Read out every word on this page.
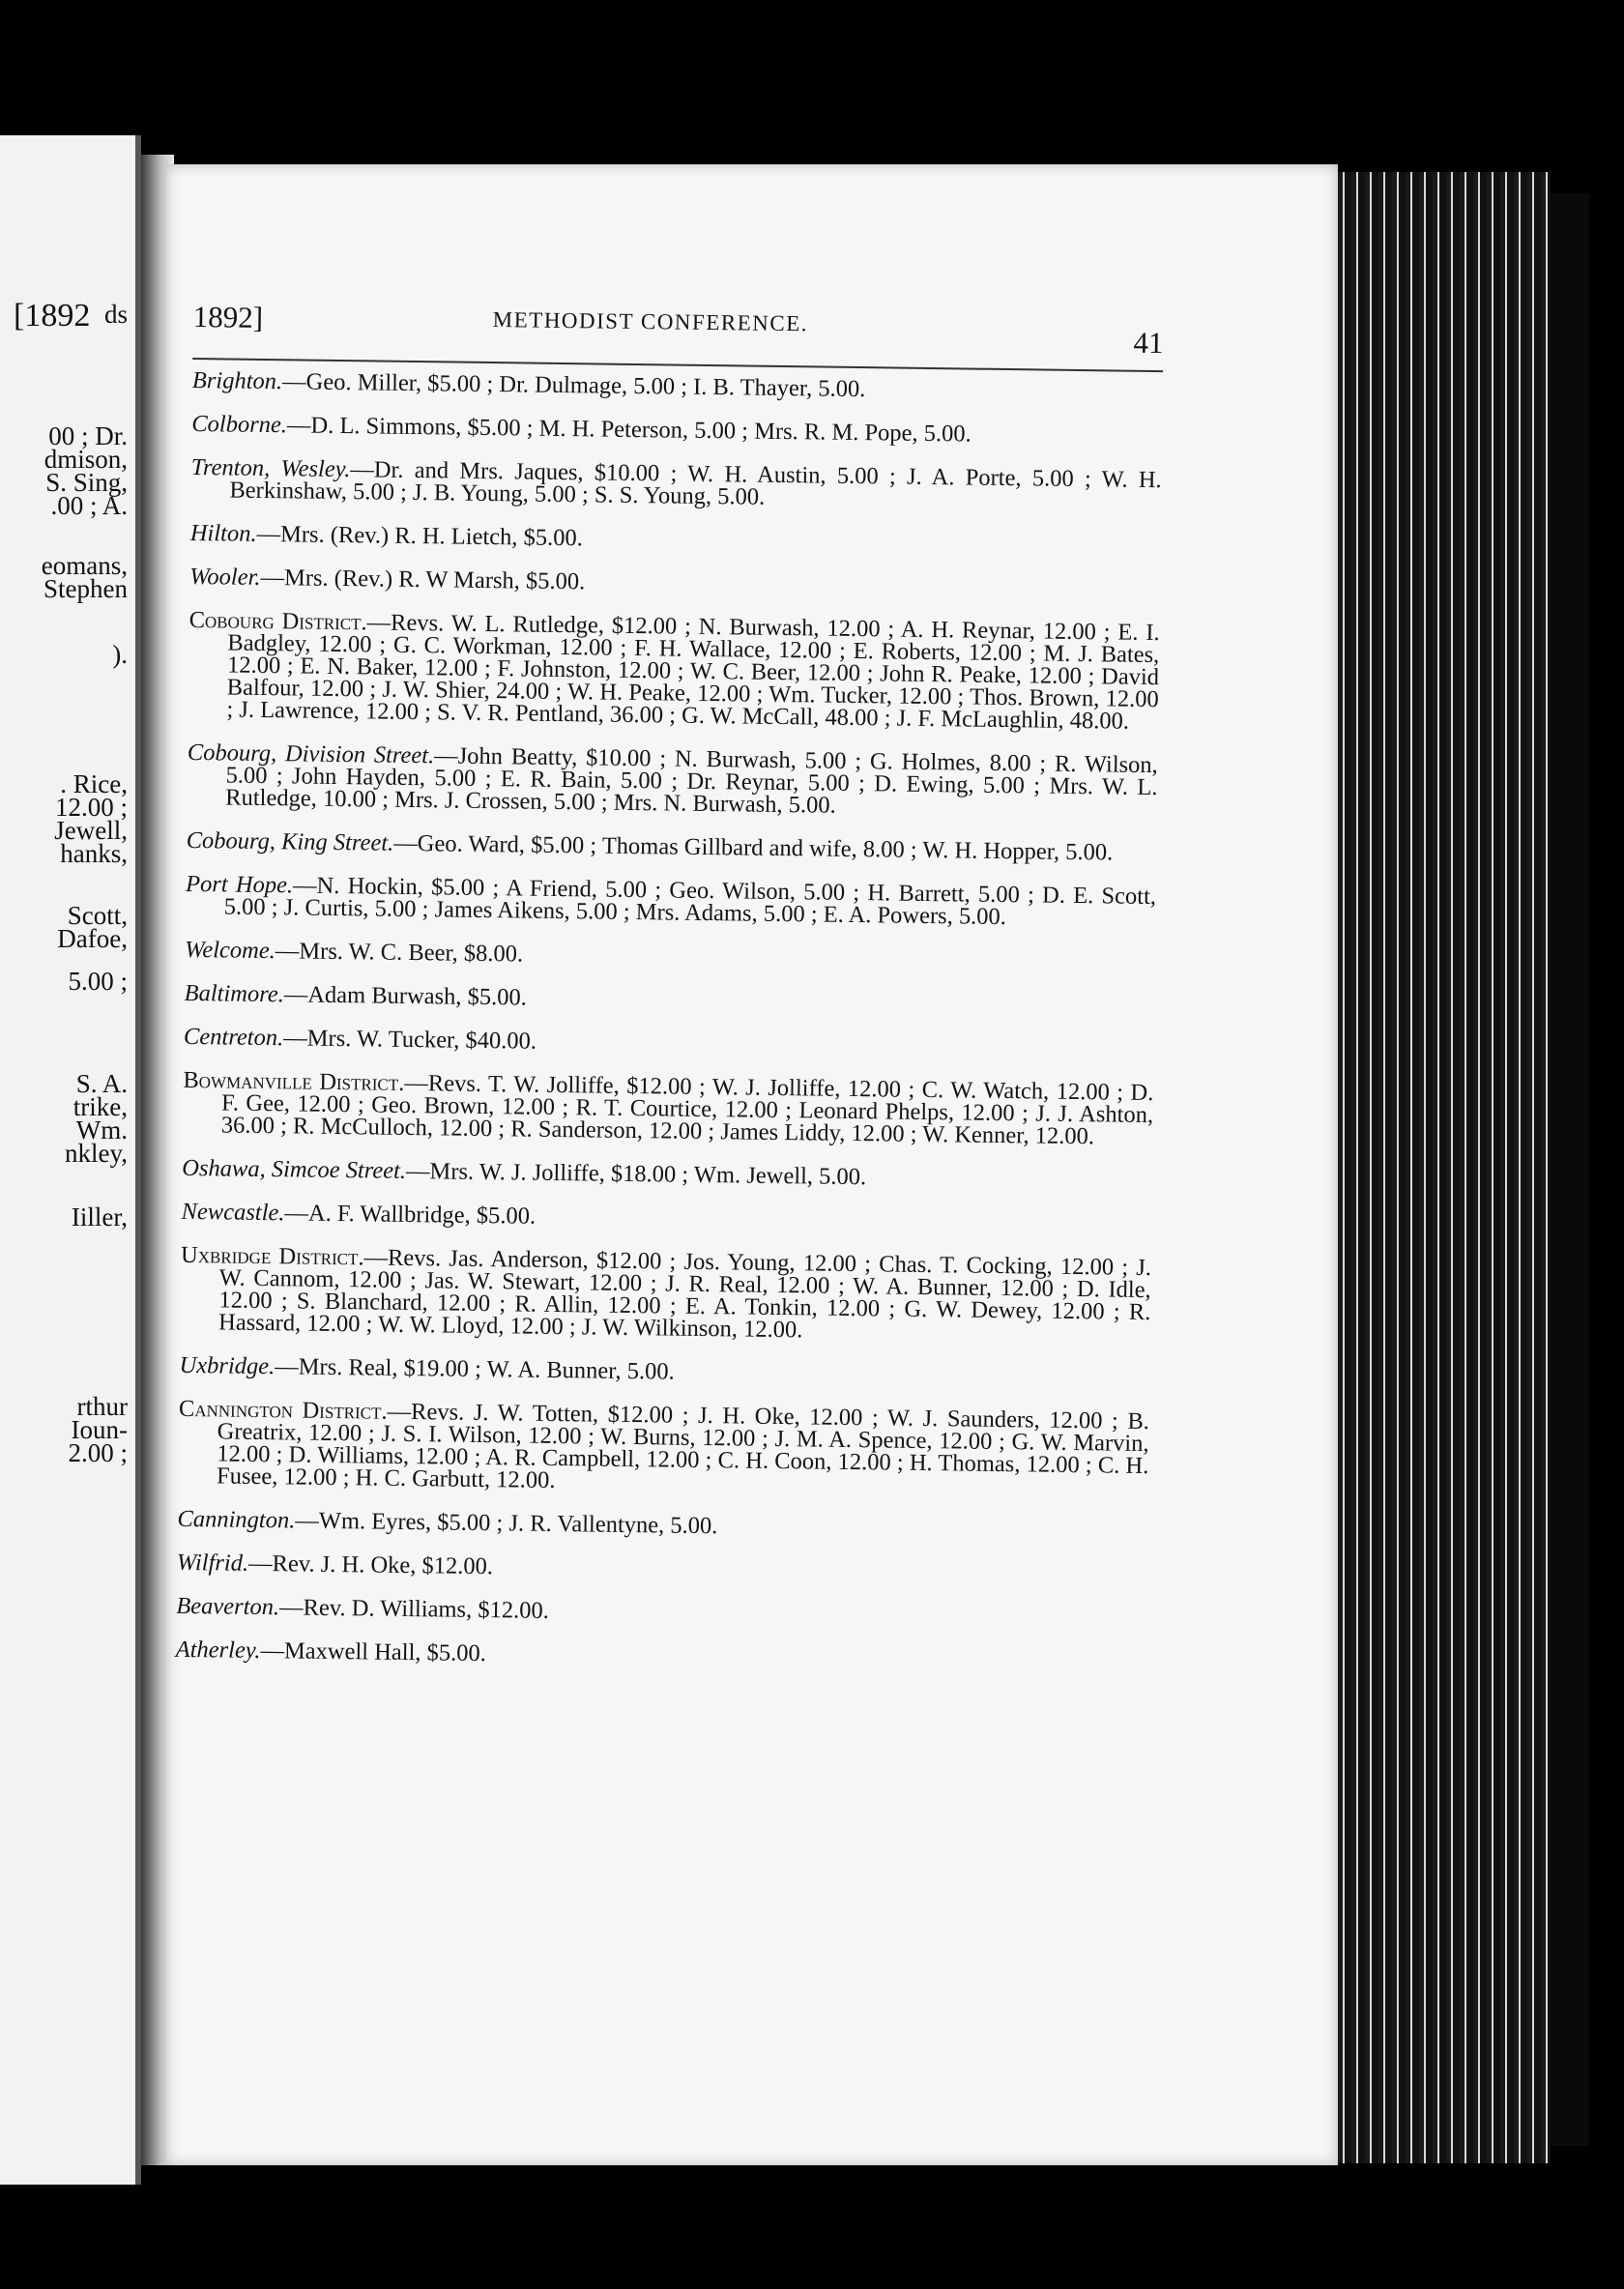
[1892 ds
00 ; Dr.
dmison,
S. Sing,
.00 ; A.
eomans,
Stephen
).
. Rice,
12.00 ;
Jewell,
hanks,
Scott,
Dafoe,
5.00 ;
S. A.
trike,
Wm.
nkley,
Iiller,
rthur
Ioun-
2.00 ;
1892]	METHODIST CONFERENCE.
41
Brighton.—Geo. Miller, $5.00 ; Dr. Dulmage, 5.00 ; I. B. Thayer, 5.00.
Colborne.—D. L. Simmons, $5.00 ; M. H. Peterson, 5.00 ; Mrs. R. M. Pope, 5.00.
Trenton, Wesley.—Dr. and Mrs. Jaques, $10.00 ; W. H. Austin, 5.00 ; J. A. Porte, 5.00 ; W. H. Berkinshaw, 5.00 ; J. B. Young, 5.00 ; S. S. Young, 5.00.
Hilton.—Mrs. (Rev.) R. H. Lietch, $5.00.
Wooler.—Mrs. (Rev.) R. W Marsh, $5.00.
Cobourg District.—Revs. W. L. Rutledge, $12.00 ; N. Burwash, 12.00 ; A. H. Reynar, 12.00 ; E. I. Badgley, 12.00 ; G. C. Workman, 12.00 ; F. H. Wallace, 12.00 ; E. Roberts, 12.00 ; M. J. Bates, 12.00 ; E. N. Baker, 12.00 ; F. Johnston, 12.00 ; W. C. Beer, 12.00 ; John R. Peake, 12.00 ; David Balfour, 12.00 ; J. W. Shier, 24.00 ; W. H. Peake, 12.00 ; Wm. Tucker, 12.00 ; Thos. Brown, 12.00 ; J. Lawrence, 12.00 ; S. V. R. Pentland, 36.00 ; G. W. McCall, 48.00 ; J. F. McLaughlin, 48.00.
Cobourg, Division Street.—John Beatty, $10.00 ; N. Burwash, 5.00 ; G. Holmes, 8.00 ; R. Wilson, 5.00 ; John Hayden, 5.00 ; E. R. Bain, 5.00 ; Dr. Reynar, 5.00 ; D. Ewing, 5.00 ; Mrs. W. L. Rutledge, 10.00 ; Mrs. J. Crossen, 5.00 ; Mrs. N. Burwash, 5.00.
Cobourg, King Street.—Geo. Ward, $5.00 ; Thomas Gillbard and wife, 8.00 ; W. H. Hopper, 5.00.
Port Hope.—N. Hockin, $5.00 ; A Friend, 5.00 ; Geo. Wilson, 5.00 ; H. Barrett, 5.00 ; D. E. Scott, 5.00 ; J. Curtis, 5.00 ; James Aikens, 5.00 ; Mrs. Adams, 5.00 ; E. A. Powers, 5.00.
Welcome.—Mrs. W. C. Beer, $8.00.
Baltimore.—Adam Burwash, $5.00.
Centreton.—Mrs. W. Tucker, $40.00.
Bowmanville District.—Revs. T. W. Jolliffe, $12.00 ; W. J. Jolliffe, 12.00 ; C. W. Watch, 12.00 ; D. F. Gee, 12.00 ; Geo. Brown, 12.00 ; R. T. Courtice, 12.00 ; Leonard Phelps, 12.00 ; J. J. Ashton, 36.00 ; R. McCulloch, 12.00 ; R. Sanderson, 12.00 ; James Liddy, 12.00 ; W. Kenner, 12.00.
Oshawa, Simcoe Street.—Mrs. W. J. Jolliffe, $18.00 ; Wm. Jewell, 5.00.
Newcastle.—A. F. Wallbridge, $5.00.
Uxbridge District.—Revs. Jas. Anderson, $12.00 ; Jos. Young, 12.00 ; Chas. T. Cocking, 12.00 ; J. W. Cannom, 12.00 ; Jas. W. Stewart, 12.00 ; J. R. Real, 12.00 ; W. A. Bunner, 12.00 ; D. Idle, 12.00 ; S. Blanchard, 12.00 ; R. Allin, 12.00 ; E. A. Tonkin, 12.00 ; G. W. Dewey, 12.00 ; R. Hassard, 12.00 ; W. W. Lloyd, 12.00 ; J. W. Wilkinson, 12.00.
Uxbridge.—Mrs. Real, $19.00 ; W. A. Bunner, 5.00.
Cannington District.—Revs. J. W. Totten, $12.00 ; J. H. Oke, 12.00 ; W. J. Saunders, 12.00 ; B. Greatrix, 12.00 ; J. S. I. Wilson, 12.00 ; W. Burns, 12.00 ; J. M. A. Spence, 12.00 ; G. W. Marvin, 12.00 ; D. Williams, 12.00 ; A. R. Campbell, 12.00 ; C. H. Coon, 12.00 ; H. Thomas, 12.00 ; C. H. Fusee, 12.00 ; H. C. Garbutt, 12.00.
Cannington.—Wm. Eyres, $5.00 ; J. R. Vallentyne, 5.00.
Wilfrid.—Rev. J. H. Oke, $12.00.
Beaverton.—Rev. D. Williams, $12.00.
Atherley.—Maxwell Hall, $5.00.
